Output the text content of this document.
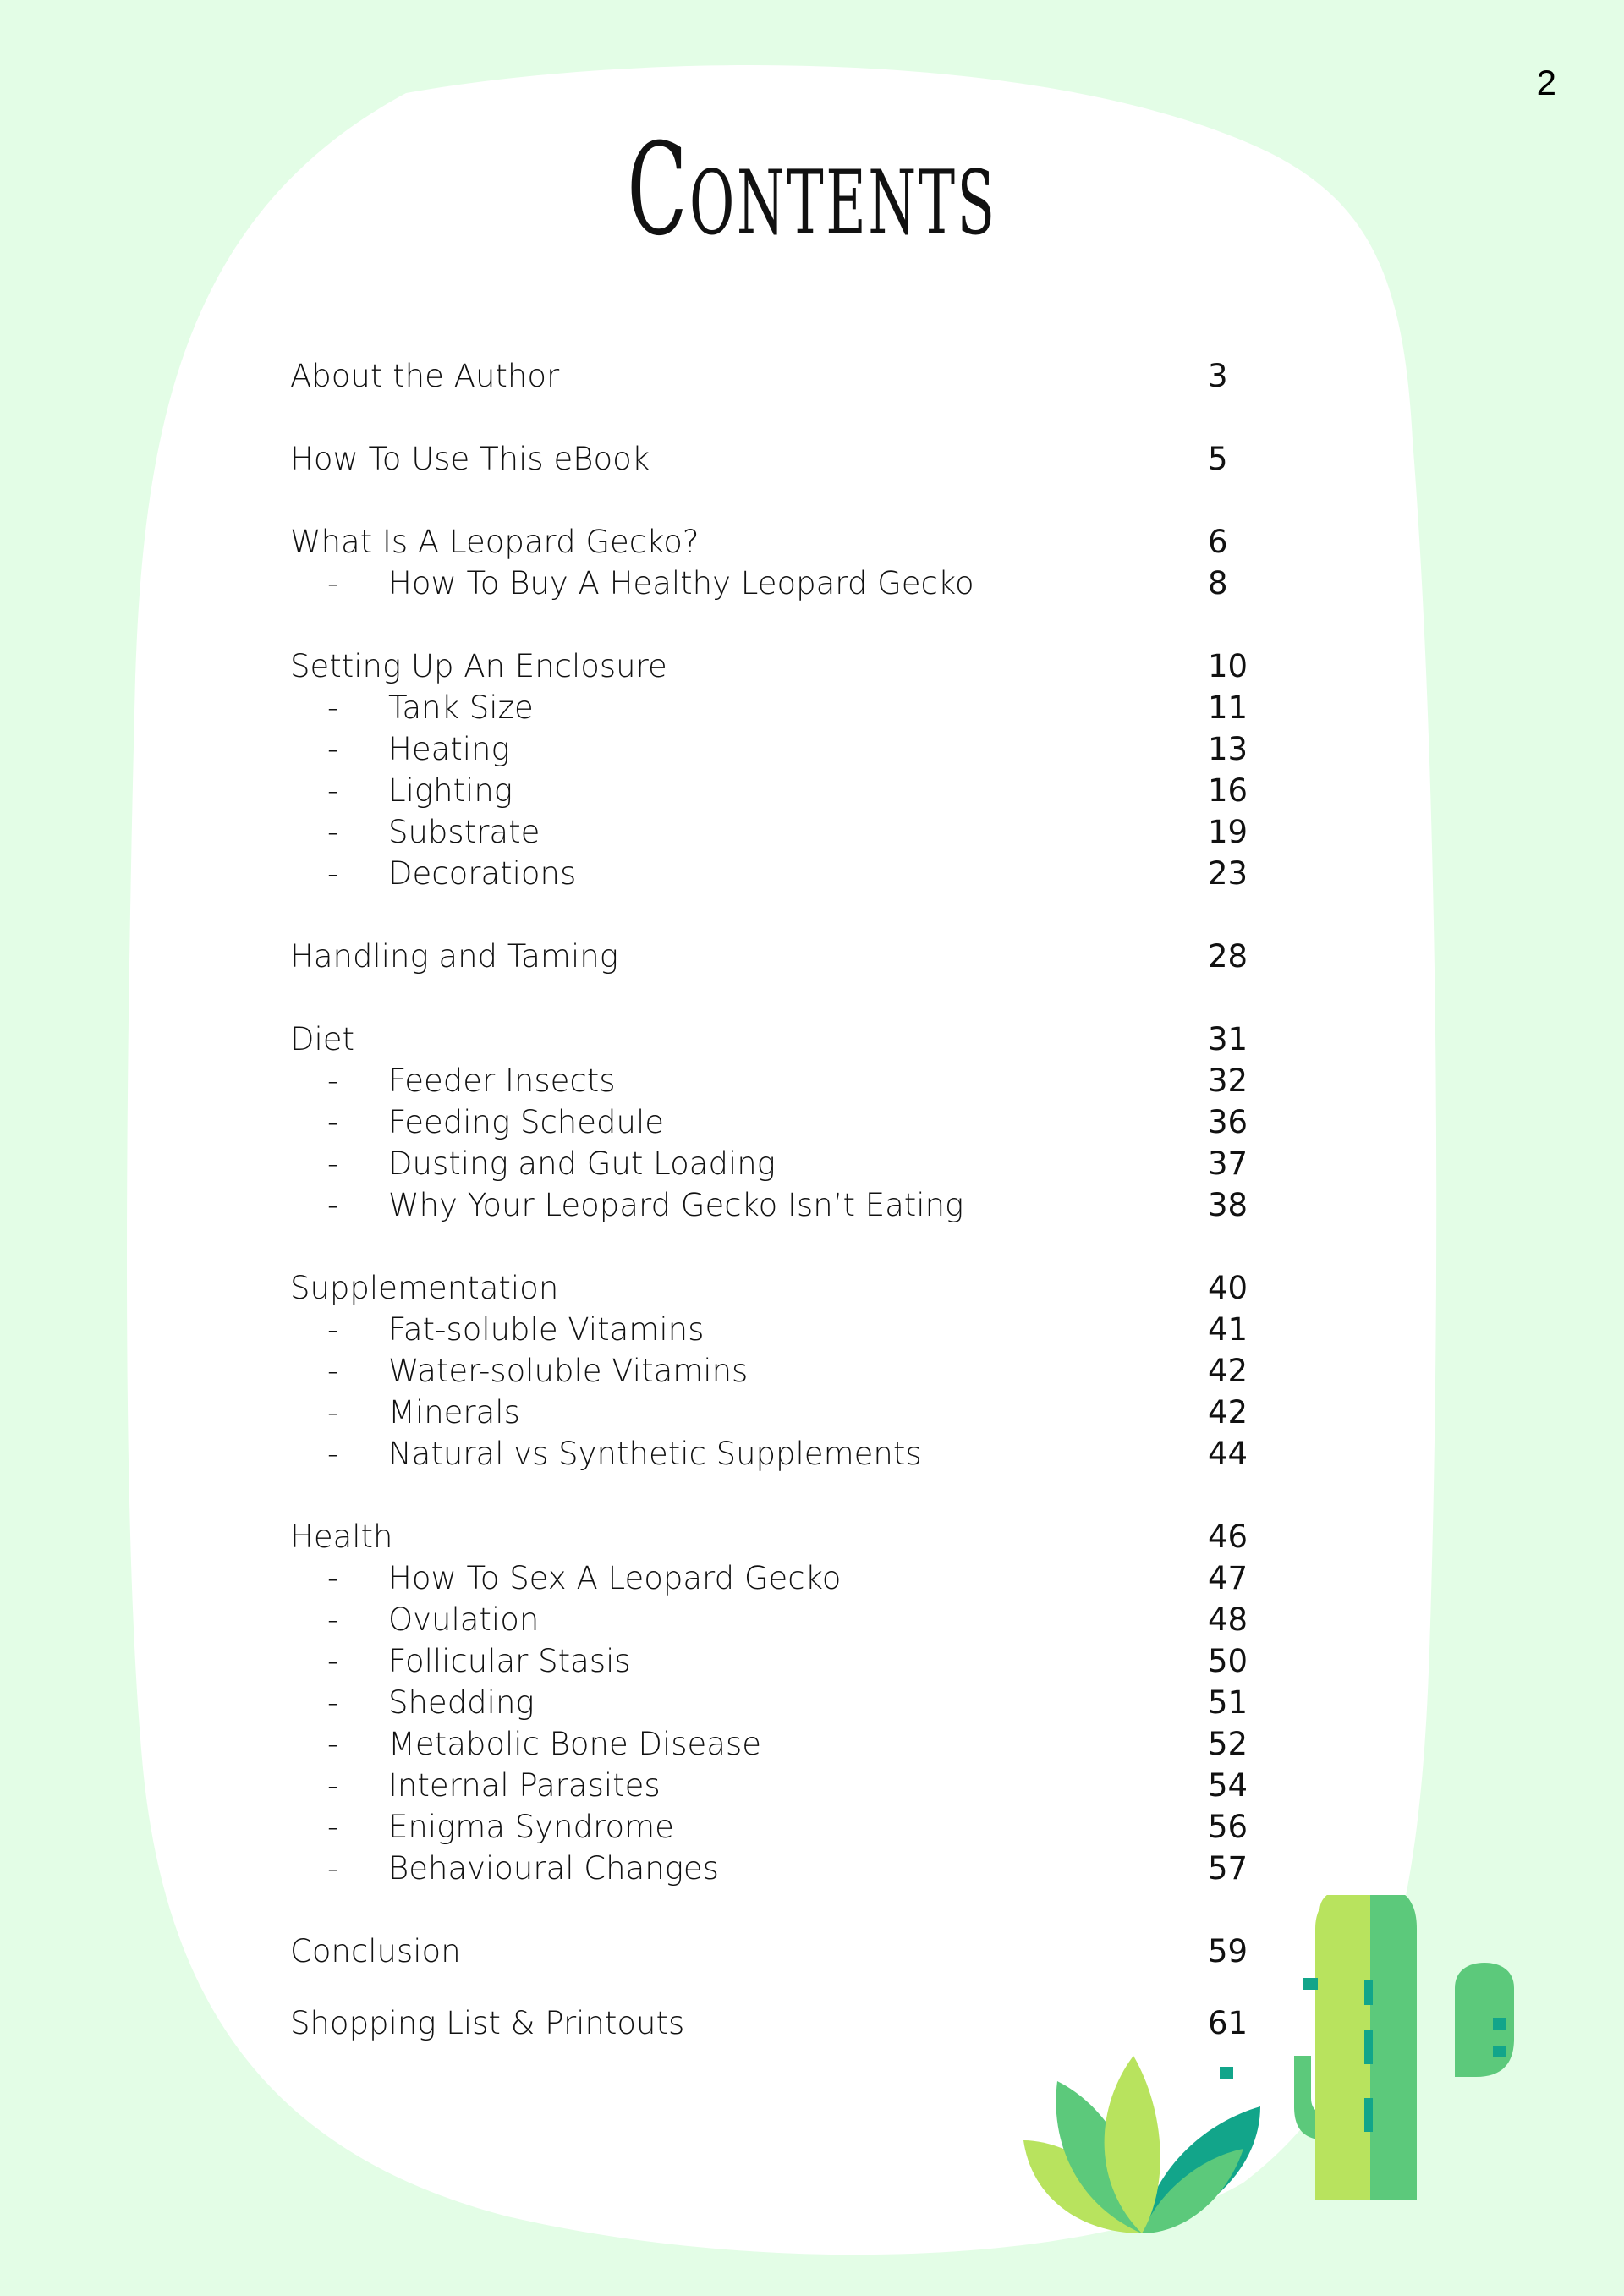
2
Contents
About the Author	3
How To Use This eBook	5
What Is A Leopard Gecko?	6
- How To Buy A Healthy Leopard Gecko	8
Setting Up An Enclosure	10
- Tank Size	11
- Heating	13
- Lighting	16
- Substrate	19
- Decorations	23
Handling and Taming	28
Diet	31
- Feeder Insects	32
- Feeding Schedule	36
- Dusting and Gut Loading	37
- Why Your Leopard Gecko Isn’t Eating	38
Supplementation	40
- Fat-soluble Vitamins	41
- Water-soluble Vitamins	42
- Minerals	42
- Natural vs Synthetic Supplements	44
Health	46
- How To Sex A Leopard Gecko	47
- Ovulation	48
- Follicular Stasis	50
- Shedding	51
- Metabolic Bone Disease	52
- Internal Parasites	54
- Enigma Syndrome	56
- Behavioural Changes	57
Conclusion	59
Shopping List & Printouts	61
